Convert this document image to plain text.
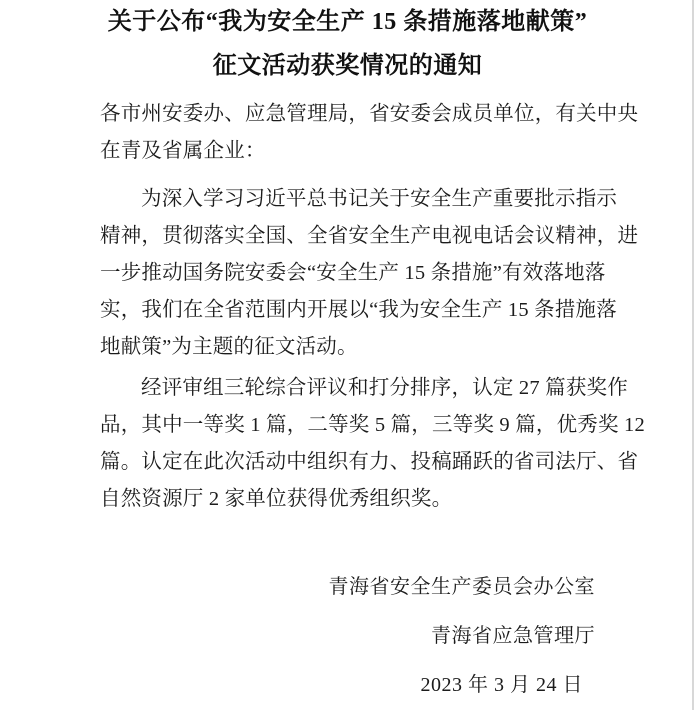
关于公布“我为安全生产 15 条措施落地献策”
征文活动获奖情况的通知
各市州安委办、应急管理局，省安委会成员单位，有关中央
在青及省属企业：
为深入学习习近平总书记关于安全生产重要批示指示
精神，贯彻落实全国、全省安全生产电视电话会议精神，进
一步推动国务院安委会“安全生产 15 条措施”有效落地落
实，我们在全省范围内开展以“我为安全生产 15 条措施落
地献策”为主题的征文活动。
经评审组三轮综合评议和打分排序，认定 27 篇获奖作
品，其中一等奖 1 篇，二等奖 5 篇，三等奖 9 篇，优秀奖 12
篇。认定在此次活动中组织有力、投稿踊跃的省司法厅、省
自然资源厅 2 家单位获得优秀组织奖。
青海省安全生产委员会办公室
青海省应急管理厅
2023 年 3 月 24 日
